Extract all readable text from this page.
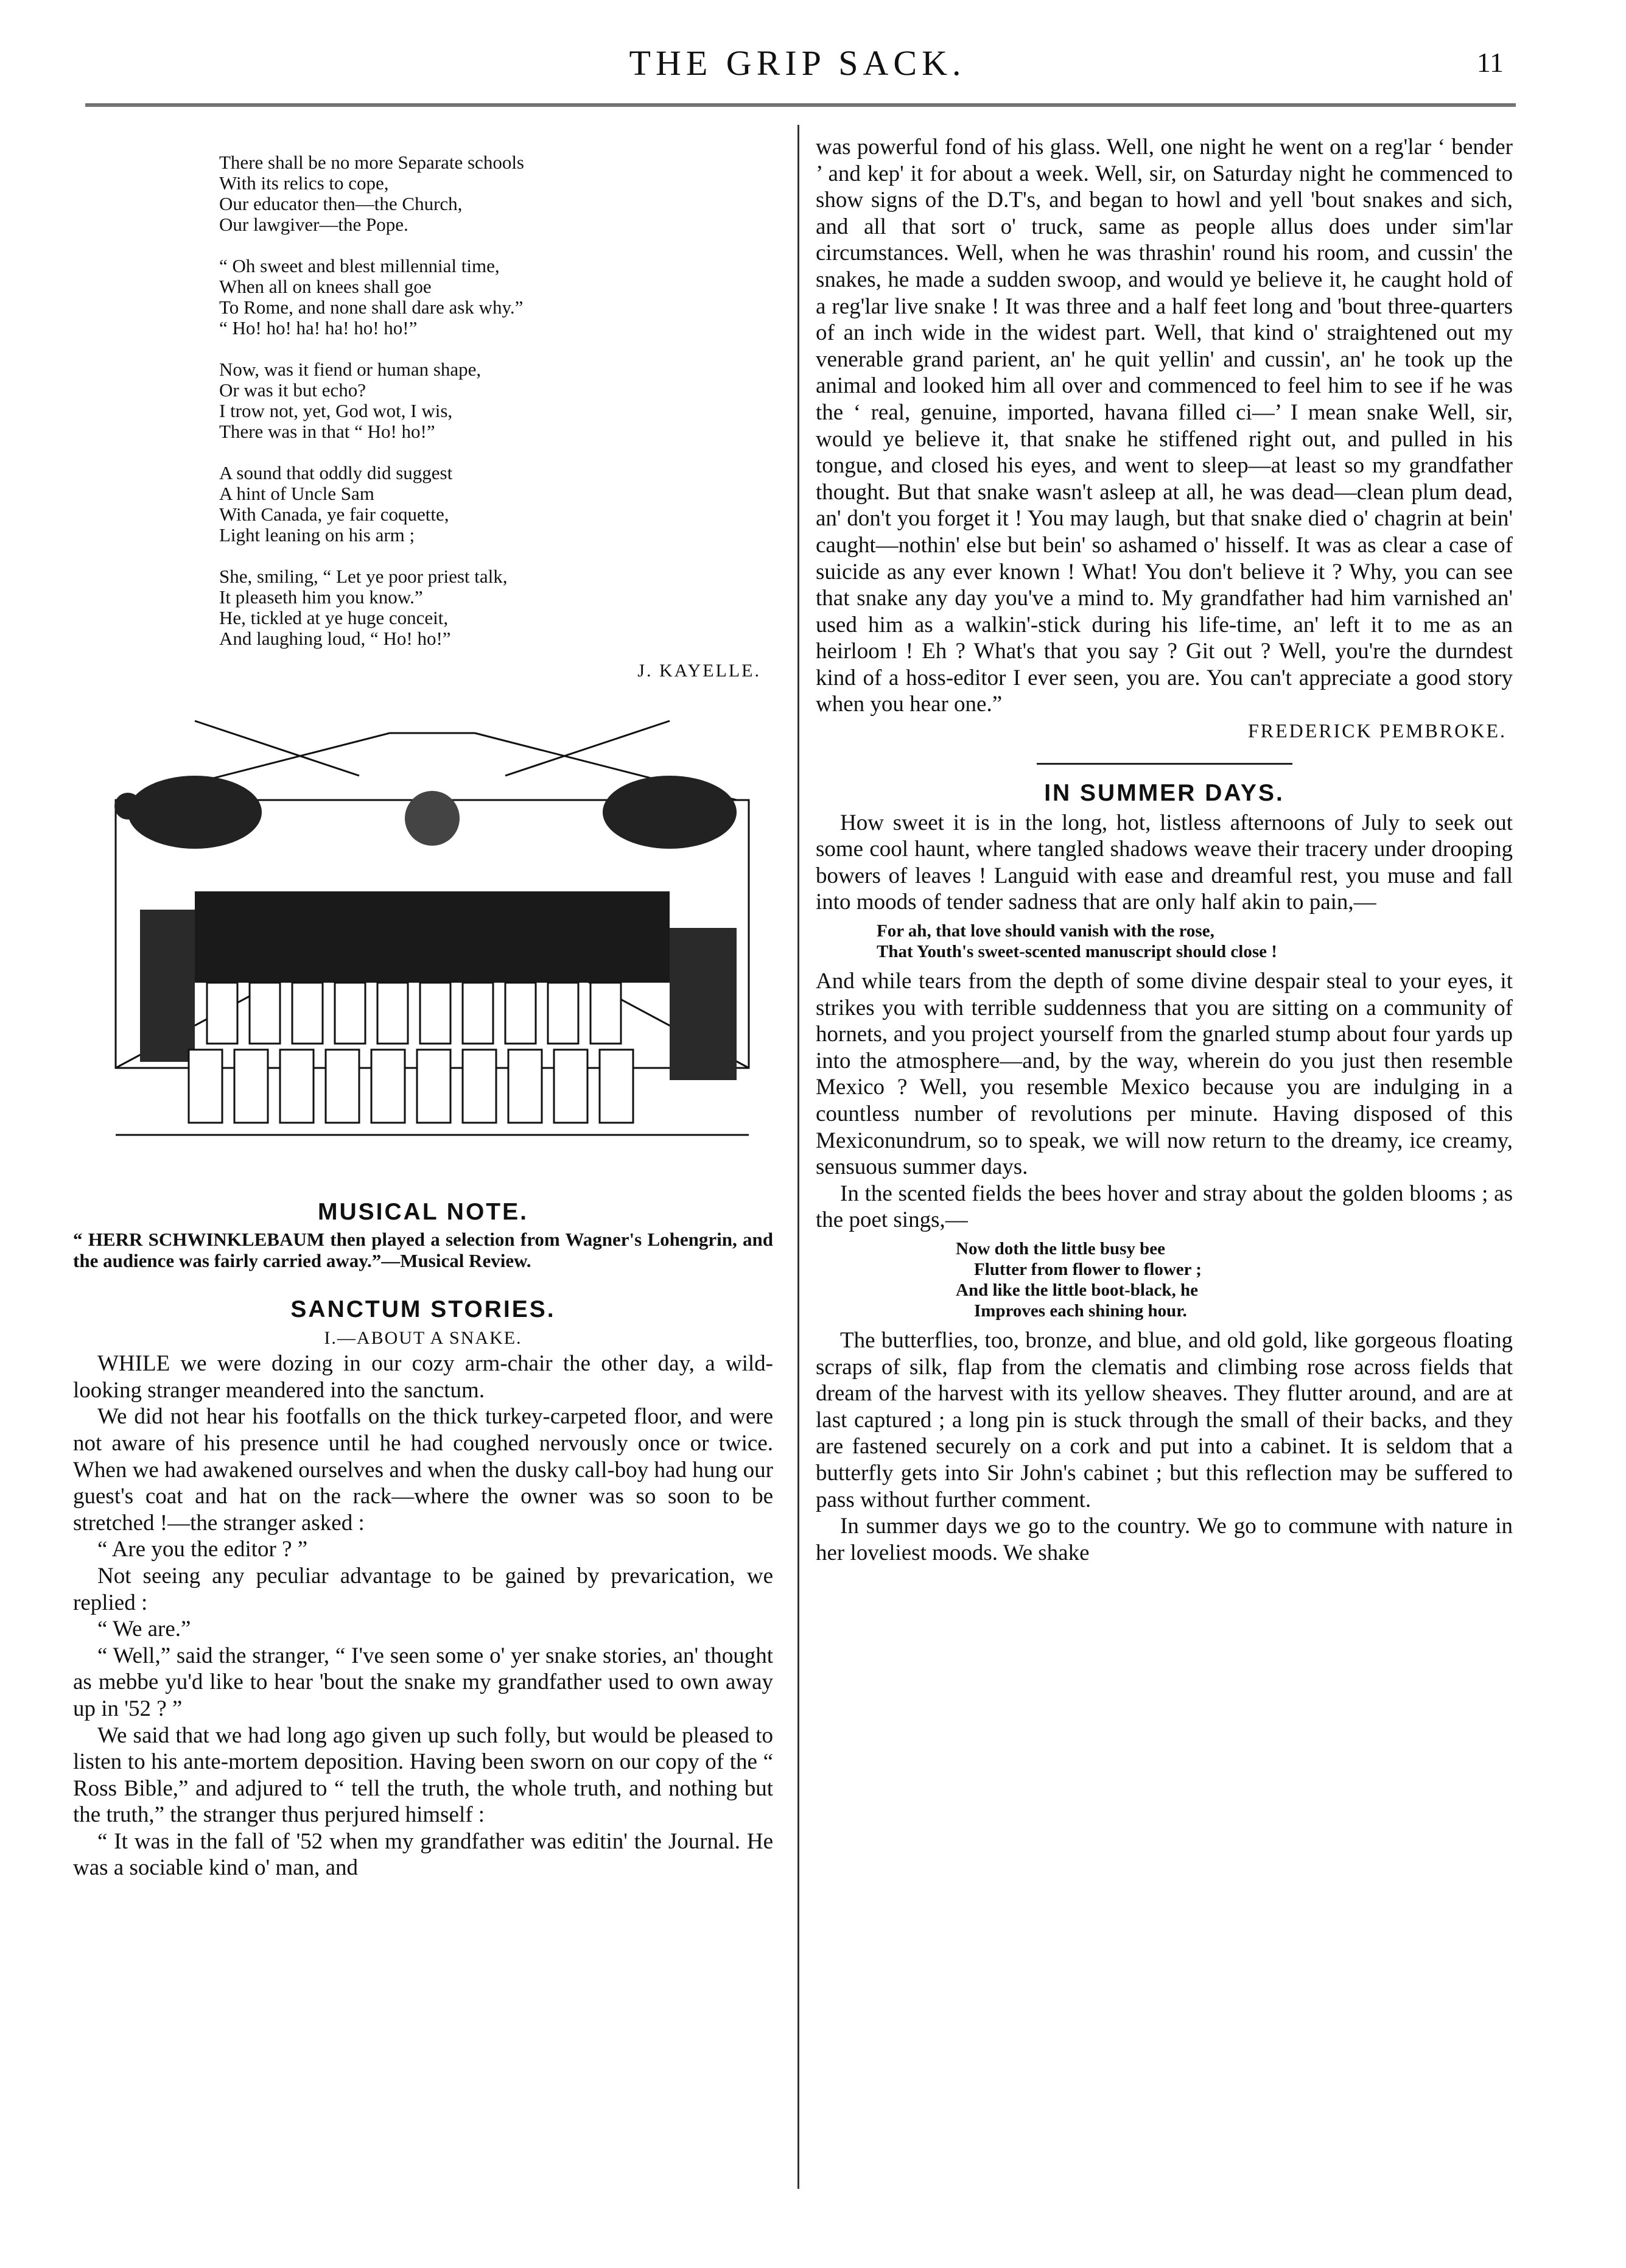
THE GRIP SACK.	11
There shall be no more Separate schools
With its relics to cope,
Our educator then—the Church,
Our lawgiver—the Pope.
“ Oh sweet and blest millennial time,
When all on knees shall goe
To Rome, and none shall dare ask why.”
“ Ho! ho! ha! ha! ho! ho!”
Now, was it fiend or human shape,
Or was it but echo?
I trow not, yet, God wot, I wis,
There was in that “ Ho! ho!”
A sound that oddly did suggest
A hint of Uncle Sam
With Canada, ye fair coquette,
Light leaning on his arm ;
She, smiling, “ Let ye poor priest talk,
It pleaseth him you know.”
He, tickled at ye huge conceit,
And laughing loud, “ Ho! ho!”
J. KAYELLE.
MUSICAL NOTE.

“ HERR SCHWINKLEBAUM then played a selection from Wagner's Lohengrin, and the audience was fairly carried away.”—Musical Review.

SANCTUM STORIES.
I.—ABOUT A SNAKE.

WHILE we were dozing in our cozy arm-chair the other day, a wild-looking stranger meandered into the sanctum.

We did not hear his footfalls on the thick turkey-carpeted floor, and were not aware of his presence until he had coughed nervously once or twice. When we had awakened ourselves and when the dusky call-boy had hung our guest's coat and hat on the rack—where the owner was so soon to be stretched !—the stranger asked :

“ Are you the editor ? ”

Not seeing any peculiar advantage to be gained by prevarication, we replied :

“ We are.”

“ Well,” said the stranger, “ I've seen some o' yer snake stories, an' thought as mebbe yu'd like to hear 'bout the snake my grandfather used to own away up in '52 ? ”

We said that we had long ago given up such folly, but would be pleased to listen to his ante-mortem deposition. Having been sworn on our copy of the “ Ross Bible,” and adjured to “ tell the truth, the whole truth, and nothing but the truth,” the stranger thus perjured himself :

“ It was in the fall of '52 when my grandfather was editin' the Journal. He was a sociable kind o' man, and

was powerful fond of his glass. Well, one night he went on a reg'lar ‘ bender ’ and kep' it for about a week. Well, sir, on Saturday night he commenced to show signs of the D.T's, and began to howl and yell 'bout snakes and sich, and all that sort o' truck, same as people allus does under sim'lar circumstances. Well, when he was thrashin' round his room, and cussin' the snakes, he made a sudden swoop, and would ye believe it, he caught hold of a reg'lar live snake ! It was three and a half feet long and 'bout three-quarters of an inch wide in the widest part. Well, that kind o' straightened out my venerable grand parient, an' he quit yellin' and cussin', an' he took up the animal and looked him all over and commenced to feel him to see if he was the ‘ real, genuine, imported, havana filled ci—’ I mean snake Well, sir, would ye believe it, that snake he stiffened right out, and pulled in his tongue, and closed his eyes, and went to sleep—at least so my grandfather thought. But that snake wasn't asleep at all, he was dead—clean plum dead, an' don't you forget it ! You may laugh, but that snake died o' chagrin at bein' caught—nothin' else but bein' so ashamed o' hisself. It was as clear a case of suicide as any ever known ! What! You don't believe it ? Why, you can see that snake any day you've a mind to. My grandfather had him varnished an' used him as a walkin'-stick during his life-time, an' left it to me as an heirloom ! Eh ? What's that you say ? Git out ? Well, you're the durndest kind of a hoss-editor I ever seen, you are. You can't appreciate a good story when you hear one.”

FREDERICK PEMBROKE.
IN SUMMER DAYS.

How sweet it is in the long, hot, listless afternoons of July to seek out some cool haunt, where tangled shadows weave their tracery under drooping bowers of leaves ! Languid with ease and dreamful rest, you muse and fall into moods of tender sadness that are only half akin to pain,—

For ah, that love should vanish with the rose,
That Youth's sweet-scented manuscript should close !

And while tears from the depth of some divine despair steal to your eyes, it strikes you with terrible suddenness that you are sitting on a community of hornets, and you project yourself from the gnarled stump about four yards up into the atmosphere—and, by the way, wherein do you just then resemble Mexico ? Well, you resemble Mexico because you are indulging in a countless number of revolutions per minute. Having disposed of this Mexiconundrum, so to speak, we will now return to the dreamy, ice creamy, sensuous summer days.

In the scented fields the bees hover and stray about the golden blooms ; as the poet sings,—

Now doth the little busy bee
Flutter from flower to flower ;
And like the little boot-black, he
Improves each shining hour.

The butterflies, too, bronze, and blue, and old gold, like gorgeous floating scraps of silk, flap from the clematis and climbing rose across fields that dream of the harvest with its yellow sheaves. They flutter around, and are at last captured ; a long pin is stuck through the small of their backs, and they are fastened securely on a cork and put into a cabinet. It is seldom that a butterfly gets into Sir John's cabinet ; but this reflection may be suffered to pass without further comment.

In summer days we go to the country. We go to commune with nature in her loveliest moods. We shake
